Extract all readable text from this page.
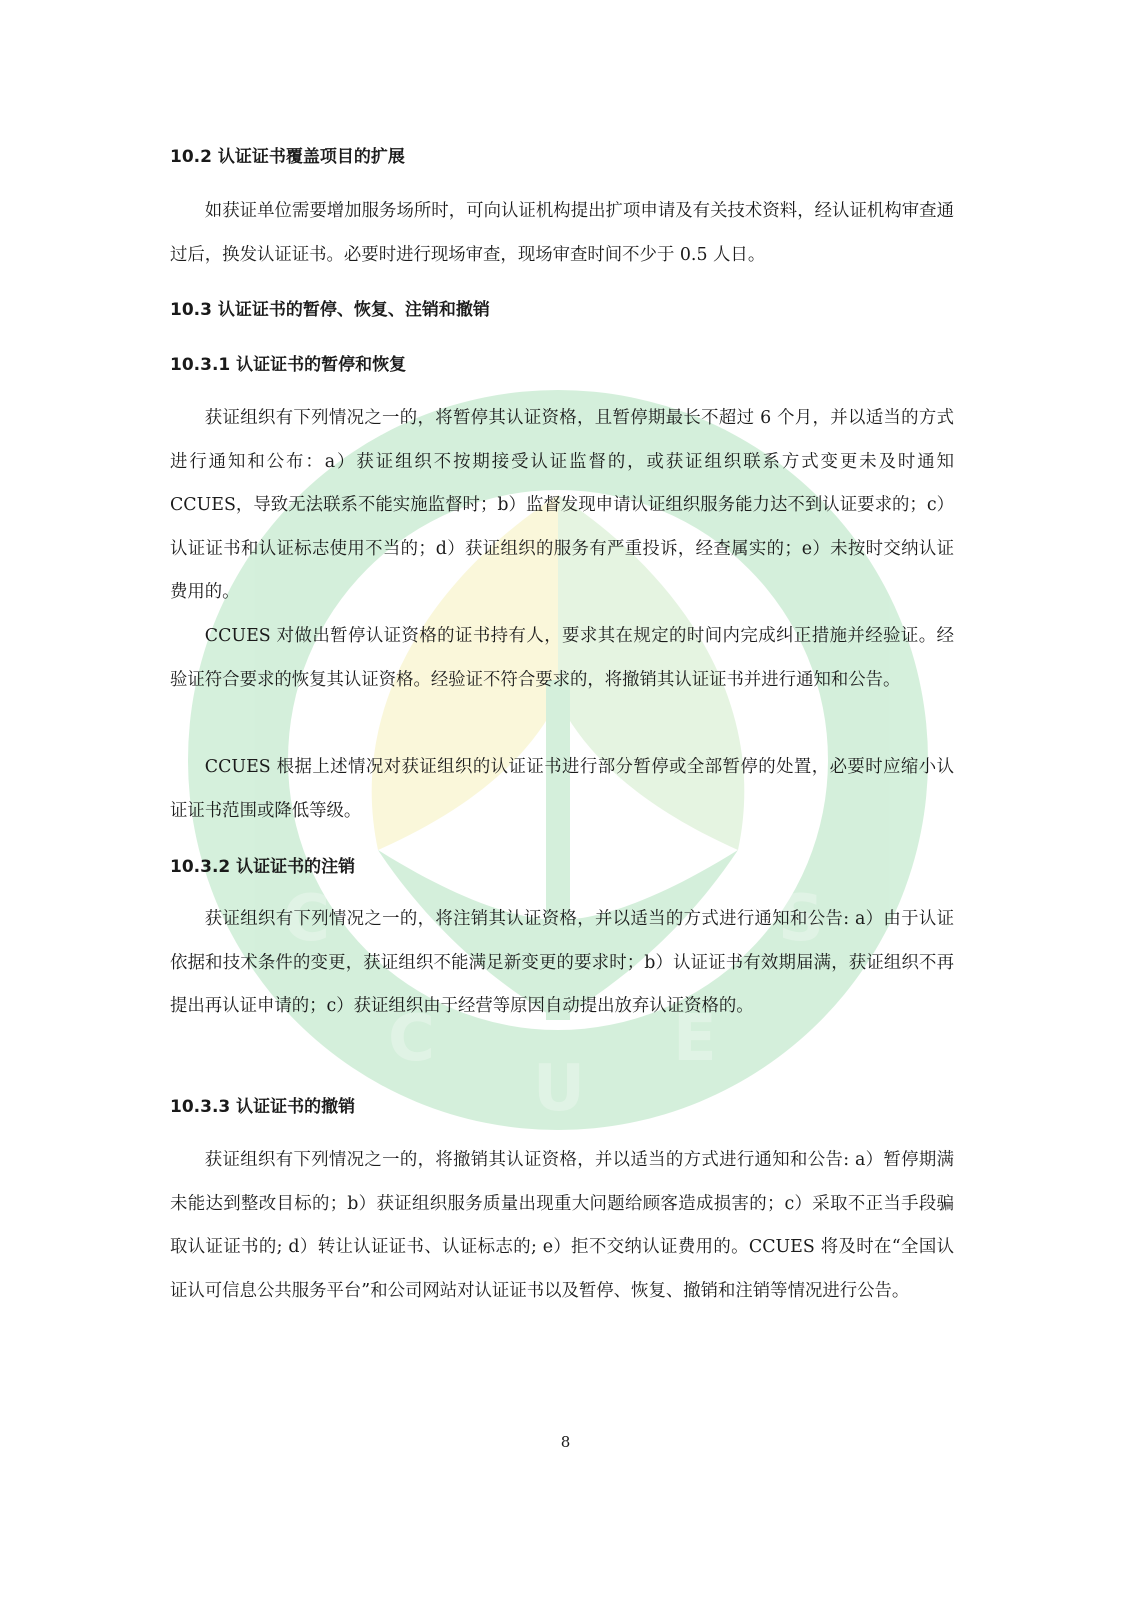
C
C
U
E
S
10.2 认证证书覆盖项目的扩展

如获证单位需要增加服务场所时，可向认证机构提出扩项申请及有关技术资料，经认证机构审查通过后，换发认证证书。必要时进行现场审查，现场审查时间不少于 0.5 人日。

10.3 认证证书的暂停、恢复、注销和撤销
10.3.1 认证证书的暂停和恢复

获证组织有下列情况之一的，将暂停其认证资格，且暂停期最长不超过 6 个月，并以适当的方式进行通知和公布：a）获证组织不按期接受认证监督的，或获证组织联系方式变更未及时通知 CCUES，导致无法联系不能实施监督时；b）监督发现申请认证组织服务能力达不到认证要求的；c）认证证书和认证标志使用不当的；d）获证组织的服务有严重投诉，经查属实的；e）未按时交纳认证费用的。

CCUES 对做出暂停认证资格的证书持有人，要求其在规定的时间内完成纠正措施并经验证。经验证符合要求的恢复其认证资格。经验证不符合要求的，将撤销其认证证书并进行通知和公告。

CCUES 根据上述情况对获证组织的认证证书进行部分暂停或全部暂停的处置，必要时应缩小认证证书范围或降低等级。

10.3.2 认证证书的注销

获证组织有下列情况之一的，将注销其认证资格，并以适当的方式进行通知和公告: a）由于认证依据和技术条件的变更，获证组织不能满足新变更的要求时；b）认证证书有效期届满，获证组织不再提出再认证申请的；c）获证组织由于经营等原因自动提出放弃认证资格的。

10.3.3 认证证书的撤销

获证组织有下列情况之一的，将撤销其认证资格，并以适当的方式进行通知和公告: a）暂停期满未能达到整改目标的；b）获证组织服务质量出现重大问题给顾客造成损害的；c）采取不正当手段骗取认证证书的; d）转让认证证书、认证标志的; e）拒不交纳认证费用的。CCUES 将及时在“全国认证认可信息公共服务平台”和公司网站对认证证书以及暂停、恢复、撤销和注销等情况进行公告。

8
